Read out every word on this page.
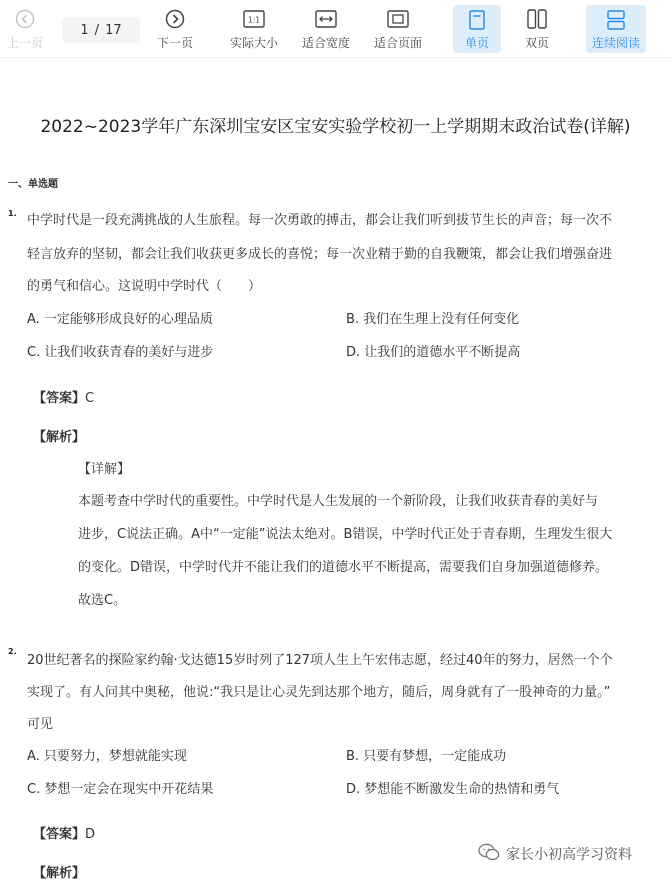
上一页
1 / 17
下一页
1:1
实际大小 适合宽度 适合页面	单页	双页	连续阅读
2022~2023学年广东深圳宝安区宝安实验学校初一上学期期末政治试卷(详解)
一、单选题
1. 中学时代是一段充满挑战的人生旅程。每一次勇敢的搏击，都会让我们听到拔节生长的声音；每一次不
轻言放弃的坚韧，都会让我们收获更多成长的喜悦；每一次业精于勤的自我鞭策，都会让我们增强奋进
的勇气和信心。这说明中学时代（　　）
A. 一定能够形成良好的心理品质	B. 我们在生理上没有任何变化
C. 让我们收获青春的美好与进步	D. 让我们的道德水平不断提高
【答案】C
【解析】
【详解】
本题考查中学时代的重要性。中学时代是人生发展的一个新阶段，让我们收获青春的美好与
进步，C说法正确。A中“一定能”说法太绝对。B错误，中学时代正处于青春期，生理发生很大
的变化。D错误，中学时代并不能让我们的道德水平不断提高，需要我们自身加强道德修养。
故选C。
2.
20世纪著名的探险家约翰·戈达德15岁时列了127项人生上午宏伟志愿，经过40年的努力，居然一个个
实现了。有人问其中奥秘，他说:“我只是让心灵先到达那个地方，随后，周身就有了一股神奇的力量。”
可见
A. 只要努力，梦想就能实现	B. 只要有梦想，一定能成功
C. 梦想一定会在现实中开花结果	D. 梦想能不断激发生命的热情和勇气
【答案】D
【解析】
家长小初高学习资料
